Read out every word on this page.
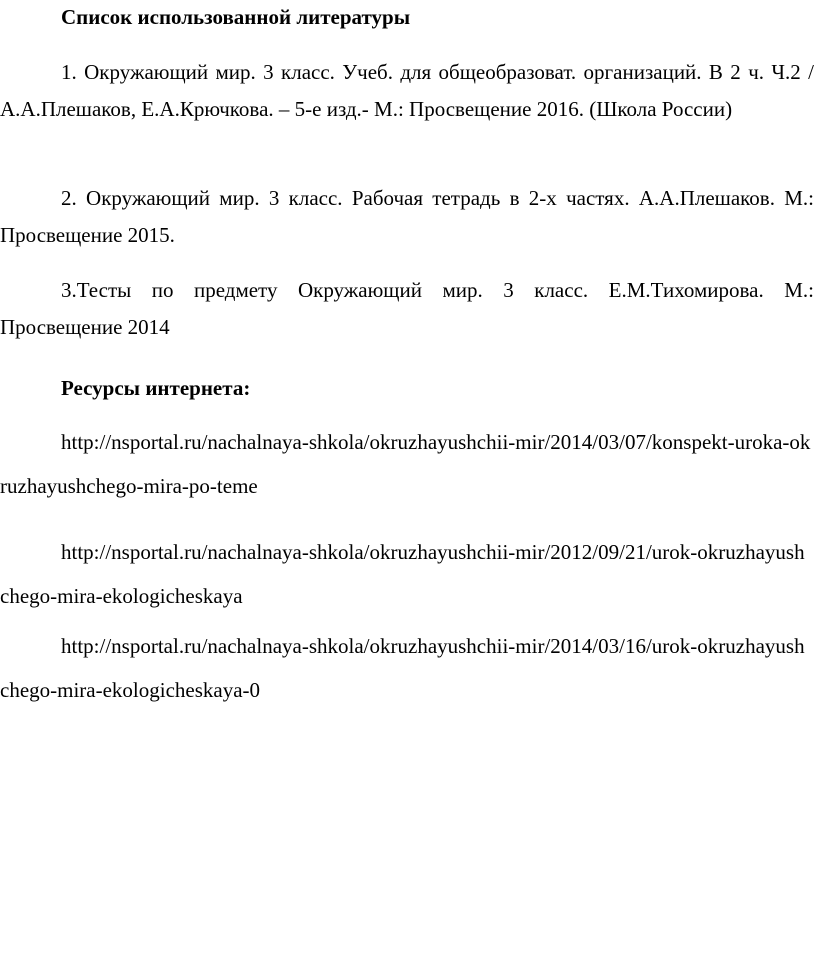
Список использованной литературы

1. Окружающий мир. 3 класс. Учеб. для общеобразоват. организаций. В 2 ч. Ч.2 /А.А.Плешаков, Е.А.Крючкова. – 5-е изд.- М.: Просвещение 2016. (Школа России)

2. Окружающий мир. 3 класс. Рабочая тетрадь в 2-х частях. А.А.Плешаков. М.: Просвещение 2015.

3.Тесты по предмету Окружающий мир. 3 класс. Е.М.Тихомирова. М.: Просвещение 2014

Ресурсы интернета:

http://nsportal.ru/nachalnaya-shkola/okruzhayushchii-mir/2014/03/07/konspekt-uroka-okruzhayushchego-mira-po-teme

http://nsportal.ru/nachalnaya-shkola/okruzhayushchii-mir/2012/09/21/urok-okruzhayushchego-mira-ekologicheskaya

http://nsportal.ru/nachalnaya-shkola/okruzhayushchii-mir/2014/03/16/urok-okruzhayushchego-mira-ekologicheskaya-0
